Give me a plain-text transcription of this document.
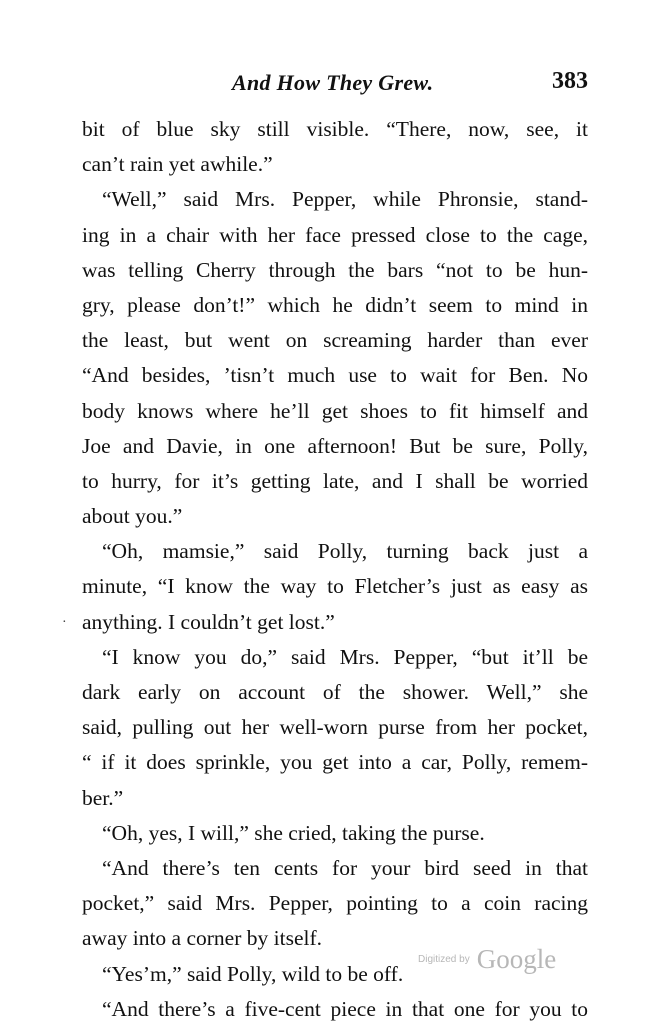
And How They Grew.	383
bit of blue sky still visible. “There, now, see, it
can’t rain yet awhile.”
“Well,” said Mrs. Pepper, while Phronsie, stand-
ing in a chair with her face pressed close to the cage,
was telling Cherry through the bars “not to be hun-
gry, please don’t!” which he didn’t seem to mind in
the least, but went on screaming harder than ever
“And besides, ’tisn’t much use to wait for Ben. No
body knows where he’ll get shoes to fit himself and
Joe and Davie, in one afternoon! But be sure, Polly,
to hurry, for it’s getting late, and I shall be worried
about you.”
“Oh, mamsie,” said Polly, turning back just a
minute, “I know the way to Fletcher’s just as easy as
anything. I couldn’t get lost.”
“I know you do,” said Mrs. Pepper, “but it’ll be
dark early on account of the shower. Well,” she
said, pulling out her well-worn purse from her pocket,
“ if it does sprinkle, you get into a car, Polly, remem-
ber.”
“Oh, yes, I will,” she cried, taking the purse.
“And there’s ten cents for your bird seed in that
pocket,” said Mrs. Pepper, pointing to a coin racing
away into a corner by itself.
“Yes’m,” said Polly, wild to be off.
“And there’s a five-cent piece in that one for you to
·
Digitized by Google
